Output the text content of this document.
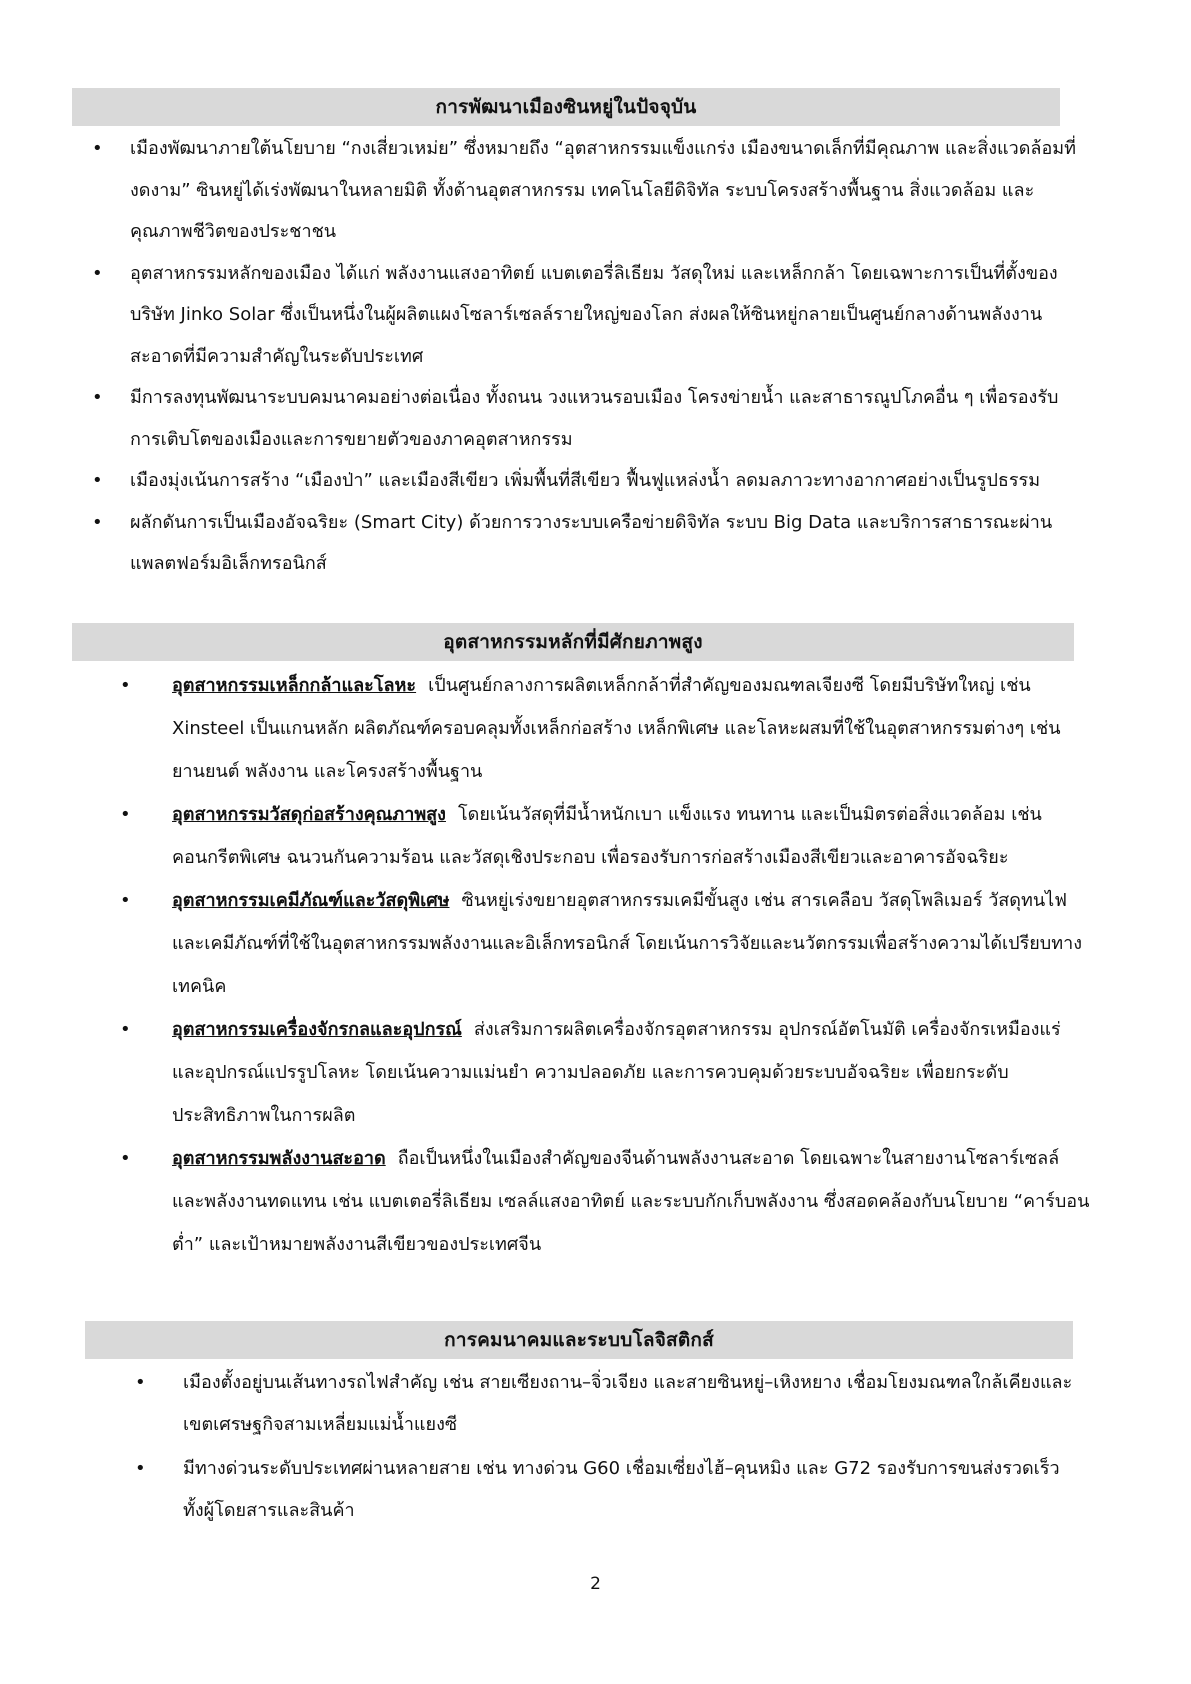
การพัฒนาเมืองซินหยู่ในปัจจุบัน
• เมืองพัฒนาภายใต้นโยบาย “กงเสี่ยวเหม่ย” ซึ่งหมายถึง “อุตสาหกรรมแข็งแกร่ง เมืองขนาดเล็กที่มีคุณภาพ และสิ่งแวดล้อมที่งดงาม” ซินหยู่ได้เร่งพัฒนาในหลายมิติ ทั้งด้านอุตสาหกรรม เทคโนโลยีดิจิทัล ระบบโครงสร้างพื้นฐาน สิ่งแวดล้อม และคุณภาพชีวิตของประชาชน
• อุตสาหกรรมหลักของเมือง ได้แก่ พลังงานแสงอาทิตย์ แบตเตอรี่ลิเธียม วัสดุใหม่ และเหล็กกล้า โดยเฉพาะการเป็นที่ตั้งของบริษัท Jinko Solar ซึ่งเป็นหนึ่งในผู้ผลิตแผงโซลาร์เซลล์รายใหญ่ของโลก ส่งผลให้ซินหยู่กลายเป็นศูนย์กลางด้านพลังงานสะอาดที่มีความสำคัญในระดับประเทศ
• มีการลงทุนพัฒนาระบบคมนาคมอย่างต่อเนื่อง ทั้งถนน วงแหวนรอบเมือง โครงข่ายน้ำ และสาธารณูปโภคอื่น ๆ เพื่อรองรับการเติบโตของเมืองและการขยายตัวของภาคอุตสาหกรรม
• เมืองมุ่งเน้นการสร้าง “เมืองป่า” และเมืองสีเขียว เพิ่มพื้นที่สีเขียว ฟื้นฟูแหล่งน้ำ ลดมลภาวะทางอากาศอย่างเป็นรูปธรรม
• ผลักดันการเป็นเมืองอัจฉริยะ (Smart City) ด้วยการวางระบบเครือข่ายดิจิทัล ระบบ Big Data และบริการสาธารณะผ่านแพลตฟอร์มอิเล็กทรอนิกส์
อุตสาหกรรมหลักที่มีศักยภาพสูง
• อุตสาหกรรมเหล็กกล้าและโลหะ เป็นศูนย์กลางการผลิตเหล็กกล้าที่สำคัญของมณฑลเจียงซี โดยมีบริษัทใหญ่ เช่น Xinsteel เป็นแกนหลัก ผลิตภัณฑ์ครอบคลุมทั้งเหล็กก่อสร้าง เหล็กพิเศษ และโลหะผสมที่ใช้ในอุตสาหกรรมต่างๆ เช่น ยานยนต์ พลังงาน และโครงสร้างพื้นฐาน
• อุตสาหกรรมวัสดุก่อสร้างคุณภาพสูง โดยเน้นวัสดุที่มีน้ำหนักเบา แข็งแรง ทนทาน และเป็นมิตรต่อสิ่งแวดล้อม เช่น คอนกรีตพิเศษ ฉนวนกันความร้อน และวัสดุเชิงประกอบ เพื่อรองรับการก่อสร้างเมืองสีเขียวและอาคารอัจฉริยะ
• อุตสาหกรรมเคมีภัณฑ์และวัสดุพิเศษ ซินหยู่เร่งขยายอุตสาหกรรมเคมีขั้นสูง เช่น สารเคลือบ วัสดุโพลิเมอร์ วัสดุทนไฟ และเคมีภัณฑ์ที่ใช้ในอุตสาหกรรมพลังงานและอิเล็กทรอนิกส์ โดยเน้นการวิจัยและนวัตกรรมเพื่อสร้างความได้เปรียบทางเทคนิค
• อุตสาหกรรมเครื่องจักรกลและอุปกรณ์ ส่งเสริมการผลิตเครื่องจักรอุตสาหกรรม อุปกรณ์อัตโนมัติ เครื่องจักรเหมืองแร่และอุปกรณ์แปรรูปโลหะ โดยเน้นความแม่นยำ ความปลอดภัย และการควบคุมด้วยระบบอัจฉริยะ เพื่อยกระดับประสิทธิภาพในการผลิต
• อุตสาหกรรมพลังงานสะอาด ถือเป็นหนึ่งในเมืองสำคัญของจีนด้านพลังงานสะอาด โดยเฉพาะในสายงานโซลาร์เซลล์ และพลังงานทดแทน เช่น แบตเตอรี่ลิเธียม เซลล์แสงอาทิตย์ และระบบกักเก็บพลังงาน ซึ่งสอดคล้องกับนโยบาย “คาร์บอนต่ำ” และเป้าหมายพลังงานสีเขียวของประเทศจีน
การคมนาคมและระบบโลจิสติกส์
• เมืองตั้งอยู่บนเส้นทางรถไฟสำคัญ เช่น สายเซียงถาน–จิ่วเจียง และสายซินหยู่–เหิงหยาง เชื่อมโยงมณฑลใกล้เคียงและเขตเศรษฐกิจสามเหลี่ยมแม่น้ำแยงซี
• มีทางด่วนระดับประเทศผ่านหลายสาย เช่น ทางด่วน G60 เชื่อมเซี่ยงไฮ้–คุนหมิง และ G72 รองรับการขนส่งรวดเร็วทั้งผู้โดยสารและสินค้า
2
